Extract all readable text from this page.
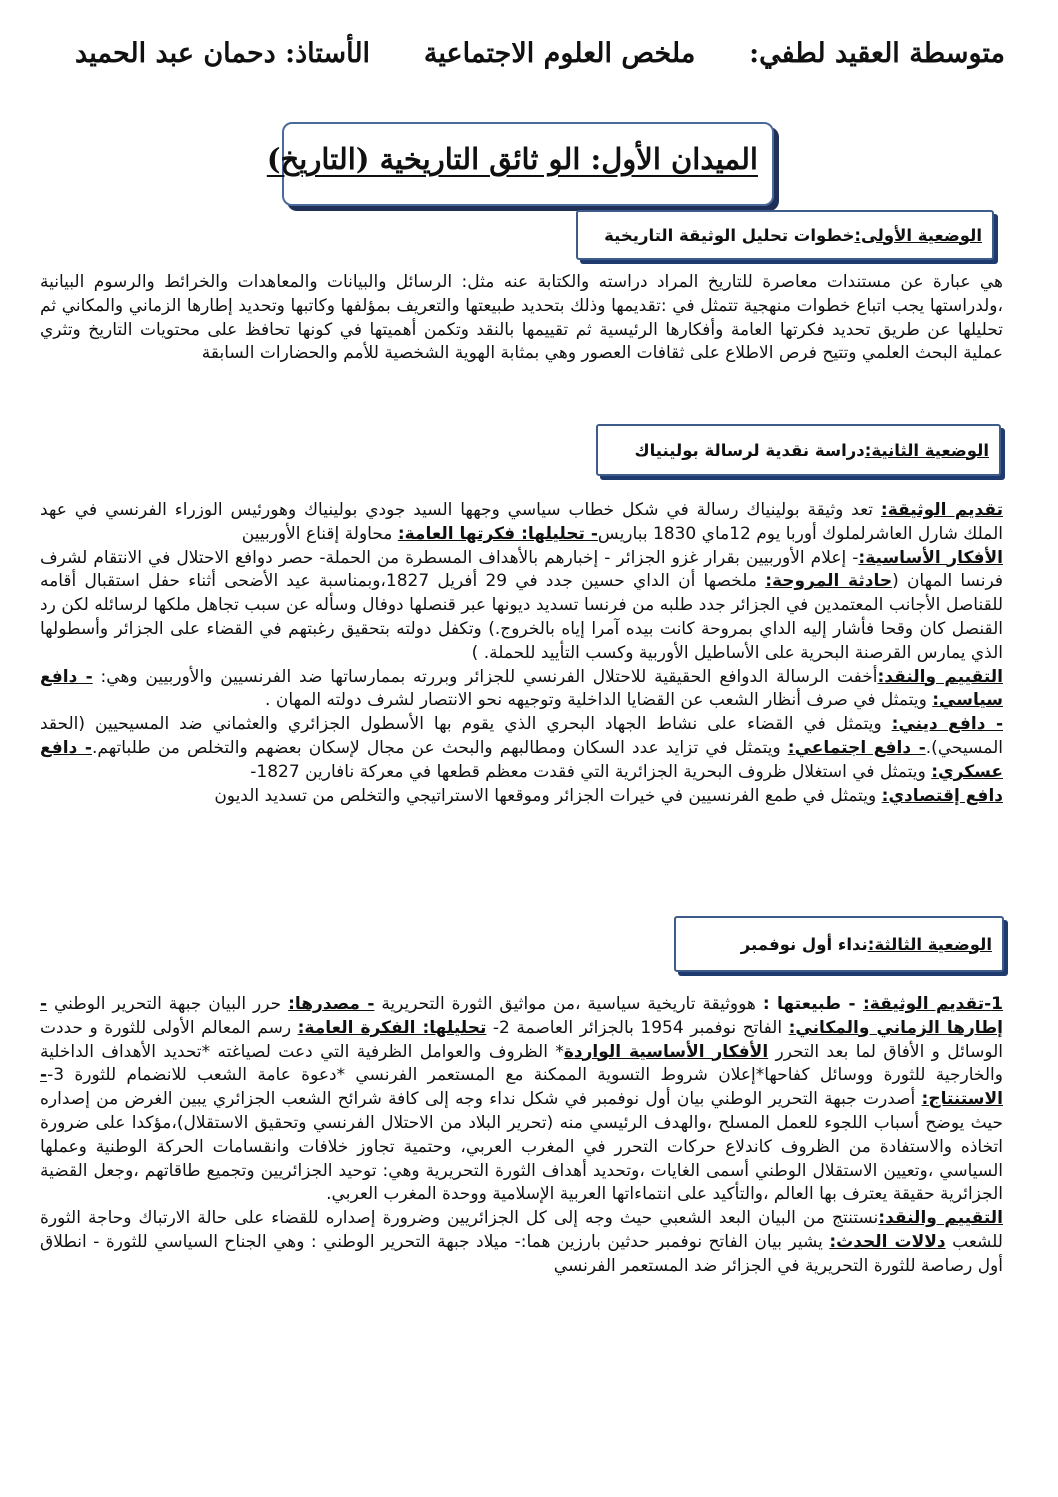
متوسطة العقيد لطفي:
ملخص العلوم الاجتماعية
الأستاذ: دحمان عبد الحميد
الميدان الأول: الو ثائق التاريخية (التاريخ)
الوضعية الأولى:
خطوات تحليل الوثيقة التاريخية

هي عبارة عن مستندات معاصرة للتاريخ المراد دراسته والكتابة عنه مثل: الرسائل والبيانات والمعاهدات والخرائط والرسوم البيانية ،ولدراستها يجب اتباع خطوات منهجية تتمثل في :تقديمها وذلك بتحديد طبيعتها والتعريف بمؤلفها وكاتبها وتحديد إطارها الزماني والمكاني ثم تحليلها عن طريق تحديد فكرتها العامة وأفكارها الرئيسية ثم تقييمها بالنقد وتكمن أهميتها في كونها تحافظ على محتويات التاريخ وتثري عملية البحث العلمي وتتيح فرص الاطلاع على ثقافات العصور وهي بمثابة الهوية الشخصية للأمم والحضارات السابقة

الوضعية الثانية:
دراسة نقدية لرسالة بولينياك

تقديم الوثيقة: تعد وثيقة بولينياك رسالة في شكل خطاب سياسي وجهها السيد جودي بولينياك وهورئيس الوزراء الفرنسي في عهد الملك شارل العاشرلملوك أوربا يوم 12ماي 1830 بباريس- تحليلها: فكرتها العامة: محاولة إقناع الأوربيين

الأفكار الأساسية:- إعلام الأوربيين بقرار غزو الجزائر - إخبارهم بالأهداف المسطرة من الحملة- حصر دوافع الاحتلال في الانتقام لشرف فرنسا المهان (حادثة المروحة: ملخصها أن الداي حسين جدد في 29 أفريل 1827،وبمناسبة عيد الأضحى أثناء حفل استقبال أقامه للقناصل الأجانب المعتمدين في الجزائر جدد طلبه من فرنسا تسديد ديونها عبر قنصلها دوفال وسأله عن سبب تجاهل ملكها لرسائله لكن رد القنصل كان وقحا فأشار إليه الداي بمروحة كانت بيده آمرا إياه بالخروج.) وتكفل دولته بتحقيق رغبتهم في القضاء على الجزائر وأسطولها الذي يمارس القرصنة البحرية على الأساطيل الأوربية وكسب التأييد للحملة. )

التقييم والنقد:أخفت الرسالة الدوافع الحقيقية للاحتلال الفرنسي للجزائر وبررته بممارساتها ضد الفرنسيين والأوربيين وهي: - دافع سياسي: ويتمثل في صرف أنظار الشعب عن القضايا الداخلية وتوجيهه نحو الانتصار لشرف دولته المهان .

- دافع ديني: ويتمثل في القضاء على نشاط الجهاد البحري الذي يقوم بها الأسطول الجزائري والعثماني ضد المسيحيين (الحقد المسيحي).- دافع اجتماعي: ويتمثل في تزايد عدد السكان ومطالبهم والبحث عن مجال لإسكان بعضهم والتخلص من طلباتهم.- دافع عسكري: ويتمثل في استغلال ظروف البحرية الجزائرية التي فقدت معظم قطعها في معركة نافارين 1827-

دافع إقتصادي: ويتمثل في طمع الفرنسيين في خيرات الجزائر وموقعها الاستراتيجي والتخلص من تسديد الديون

الوضعية الثالثة:
نداء أول نوفمبر

1-تقديم الوثيقة: - طبيعتها : هووثيقة تاريخية سياسية ،من مواثيق الثورة التحريرية - مصدرها: حرر البيان جبهة التحرير الوطني - إطارها الزماني والمكاني: الفاتح نوفمبر 1954 بالجزائر العاصمة 2- تحليلها: الفكرة العامة: رسم المعالم الأولى للثورة و حددت الوسائل و الأفاق لما بعد التحرر الأفكار الأساسية الواردة* الظروف والعوامل الظرفية التي دعت لصياغته *تحديد الأهداف الداخلية والخارجية للثورة ووسائل كفاحها*إعلان شروط التسوية الممكنة مع المستعمر الفرنسي *دعوة عامة الشعب للانضمام للثورة 3--الاستنتاج: أصدرت جبهة التحرير الوطني بيان أول نوفمبر في شكل نداء وجه إلى كافة شرائح الشعب الجزائري يبين الغرض من إصداره حيث يوضح أسباب اللجوء للعمل المسلح ،والهدف الرئيسي منه (تحرير البلاد من الاحتلال الفرنسي وتحقيق الاستقلال)،مؤكدا على ضرورة اتخاذه والاستفادة من الظروف كاندلاع حركات التحرر في المغرب العربي، وحتمية تجاوز خلافات وانقسامات الحركة الوطنية وعملها السياسي ،وتعيين الاستقلال الوطني أسمى الغايات ،وتحديد أهداف الثورة التحريرية وهي: توحيد الجزائريين وتجميع طاقاتهم ،وجعل القضية الجزائرية حقيقة يعترف بها العالم ،والتأكيد على انتماءاتها العربية الإسلامية ووحدة المغرب العربي.

التقييم والنقد:نستنتج من البيان البعد الشعبي حيث وجه إلى كل الجزائريين وضرورة إصداره للقضاء على حالة الارتباك وحاجة الثورة للشعب دلالات الحدث: يشير بيان الفاتح نوفمبر حدثين بارزين هما:- ميلاد جبهة التحرير الوطني : وهي الجناح السياسي للثورة - انطلاق أول رصاصة للثورة التحريرية في الجزائر ضد المستعمر الفرنسي
